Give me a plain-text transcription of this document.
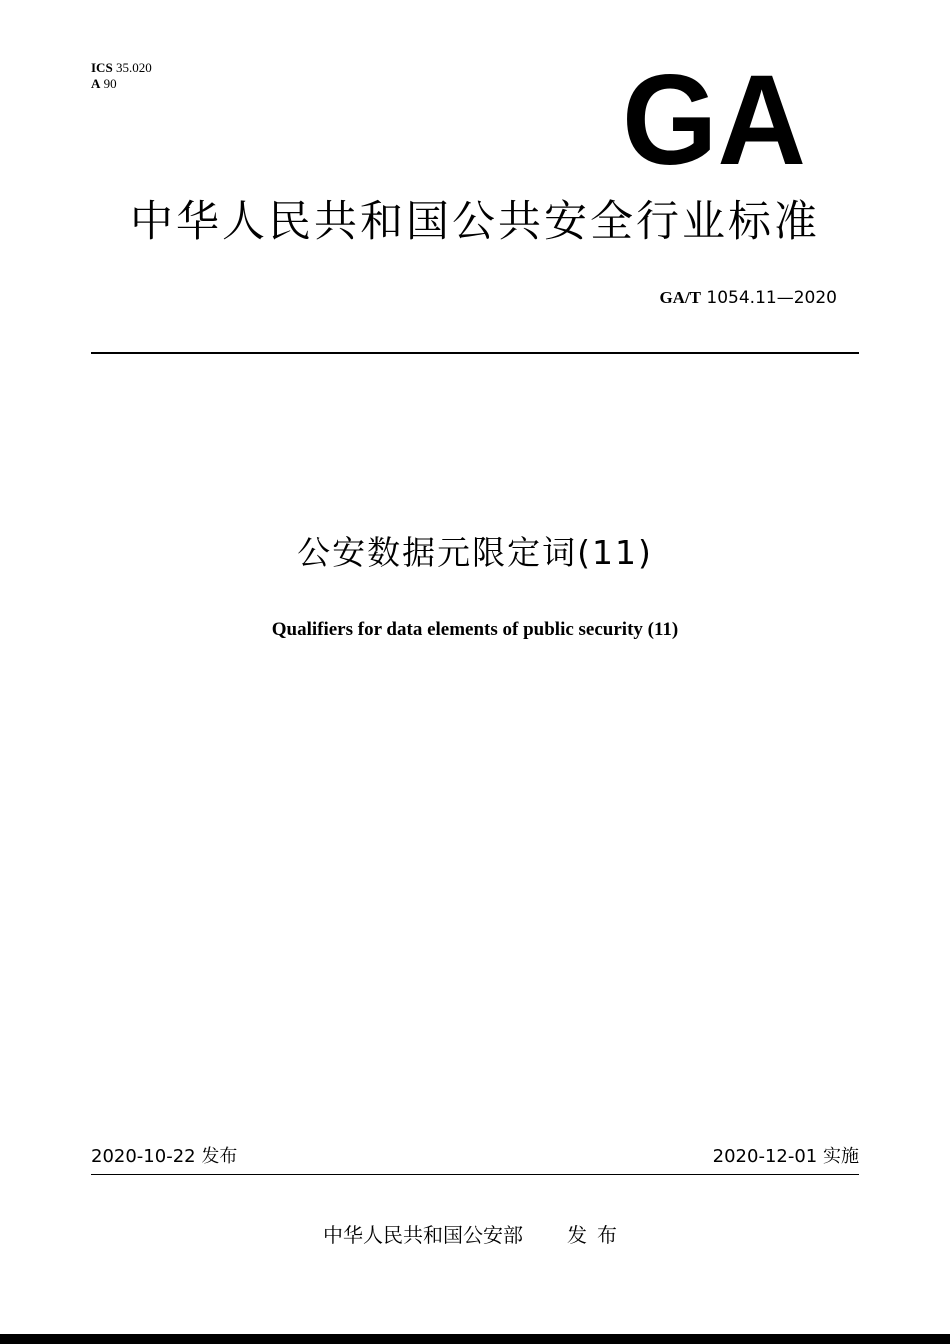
ICS 35.020
A 90	GA
中华人民共和国公共安全行业标准
GA/T 1054.11—2020
公安数据元限定词(11)
Qualifiers for data elements of public security (11)
2020-10-22 发布	2020-12-01 实施
中华人民共和国公安部 发布
